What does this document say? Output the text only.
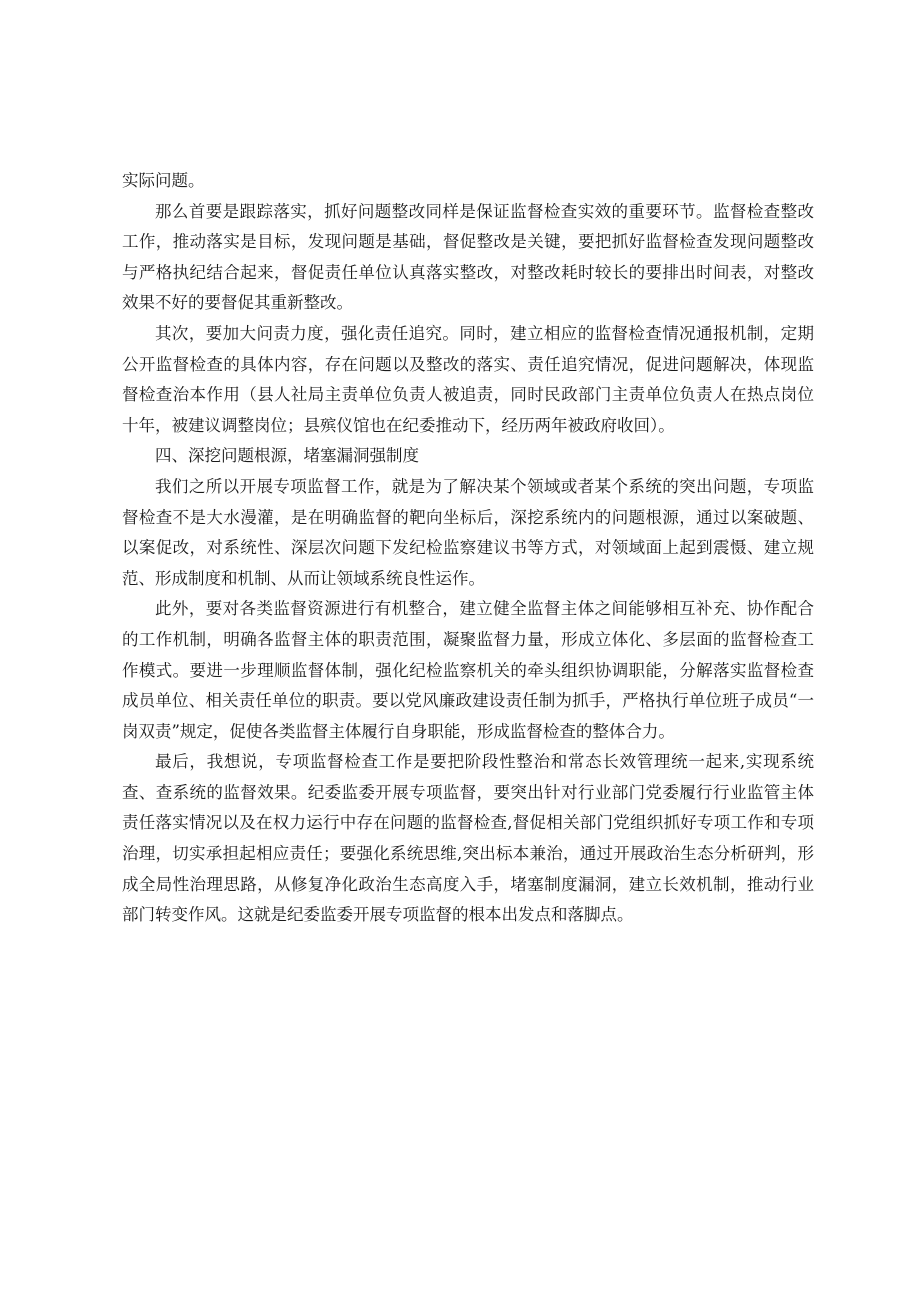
实际问题。

那么首要是跟踪落实，抓好问题整改同样是保证监督检查实效的重要环节。监督检查整改工作，推动落实是目标，发现问题是基础，督促整改是关键，要把抓好监督检查发现问题整改与严格执纪结合起来，督促责任单位认真落实整改，对整改耗时较长的要排出时间表，对整改效果不好的要督促其重新整改。

其次，要加大问责力度，强化责任追究。同时，建立相应的监督检查情况通报机制，定期公开监督检查的具体内容，存在问题以及整改的落实、责任追究情况，促进问题解决，体现监督检查治本作用（县人社局主责单位负责人被追责，同时民政部门主责单位负责人在热点岗位十年，被建议调整岗位；县殡仪馆也在纪委推动下，经历两年被政府收回）。

四、深挖问题根源，堵塞漏洞强制度

我们之所以开展专项监督工作，就是为了解决某个领域或者某个系统的突出问题，专项监督检查不是大水漫灌，是在明确监督的靶向坐标后，深挖系统内的问题根源，通过以案破题、以案促改，对系统性、深层次问题下发纪检监察建议书等方式，对领域面上起到震慑、建立规范、形成制度和机制、从而让领域系统良性运作。

此外，要对各类监督资源进行有机整合，建立健全监督主体之间能够相互补充、协作配合的工作机制，明确各监督主体的职责范围，凝聚监督力量，形成立体化、多层面的监督检查工作模式。要进一步理顺监督体制，强化纪检监察机关的牵头组织协调职能，分解落实监督检查成员单位、相关责任单位的职责。要以党风廉政建设责任制为抓手，严格执行单位班子成员“一岗双责”规定，促使各类监督主体履行自身职能，形成监督检查的整体合力。

最后，我想说，专项监督检查工作是要把阶段性整治和常态长效管理统一起来,实现系统查、查系统的监督效果。纪委监委开展专项监督，要突出针对行业部门党委履行行业监管主体责任落实情况以及在权力运行中存在问题的监督检查,督促相关部门党组织抓好专项工作和专项治理，切实承担起相应责任；要强化系统思维,突出标本兼治，通过开展政治生态分析研判，形成全局性治理思路，从修复净化政治生态高度入手，堵塞制度漏洞，建立长效机制，推动行业部门转变作风。这就是纪委监委开展专项监督的根本出发点和落脚点。
